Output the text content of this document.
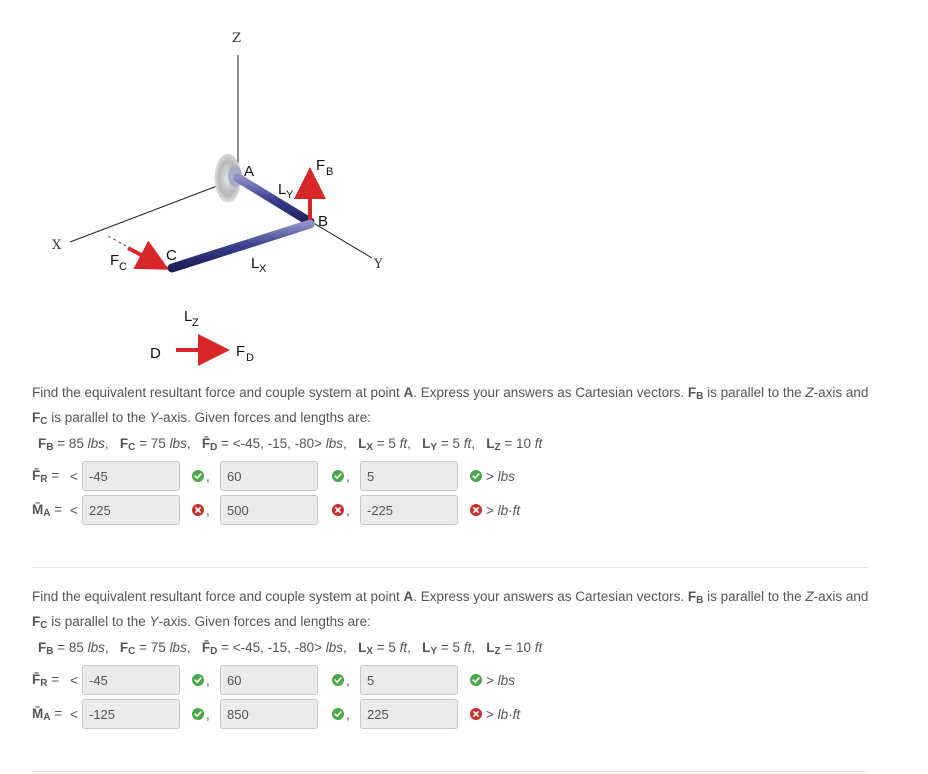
Z
X
Y
A
B
C
D
F B
F C
F D
L Y
L X
L Z

Find the equivalent resultant force and couple system at point A. Express your answers as Cartesian vectors. $F_B$ is parallel to the Z-axis and $F_C$ is parallel to the Y-axis. Given forces and lengths are:

$F_B = 85$ lbs,   $F_C = 75$ lbs,   $F̄_D = <-45$, -15, -80> lbs,   $L_X = 5$ ft,   $L_Y = 5$ ft,   $L_Z = 10$ ft
$F̄_R$ = <
-45	,
60	,
5	> lbs
$M̄_A$ = <
225	,
500	,
-225	> lb·ft

Find the equivalent resultant force and couple system at point A. Express your answers as Cartesian vectors. $F_B$ is parallel to the Z-axis and $F_C$ is parallel to the Y-axis. Given forces and lengths are:

$F_B = 85$ lbs,   $F_C = 75$ lbs,   $F̄_D = <-45$, -15, -80> lbs,   $L_X = 5$ ft,   $L_Y = 5$ ft,   $L_Z = 10$ ft
$F̄_R$ = <
-45	,
60	,
5	> lbs
$M̄_A$ = <
-125	,
850	,
225	> lb·ft
